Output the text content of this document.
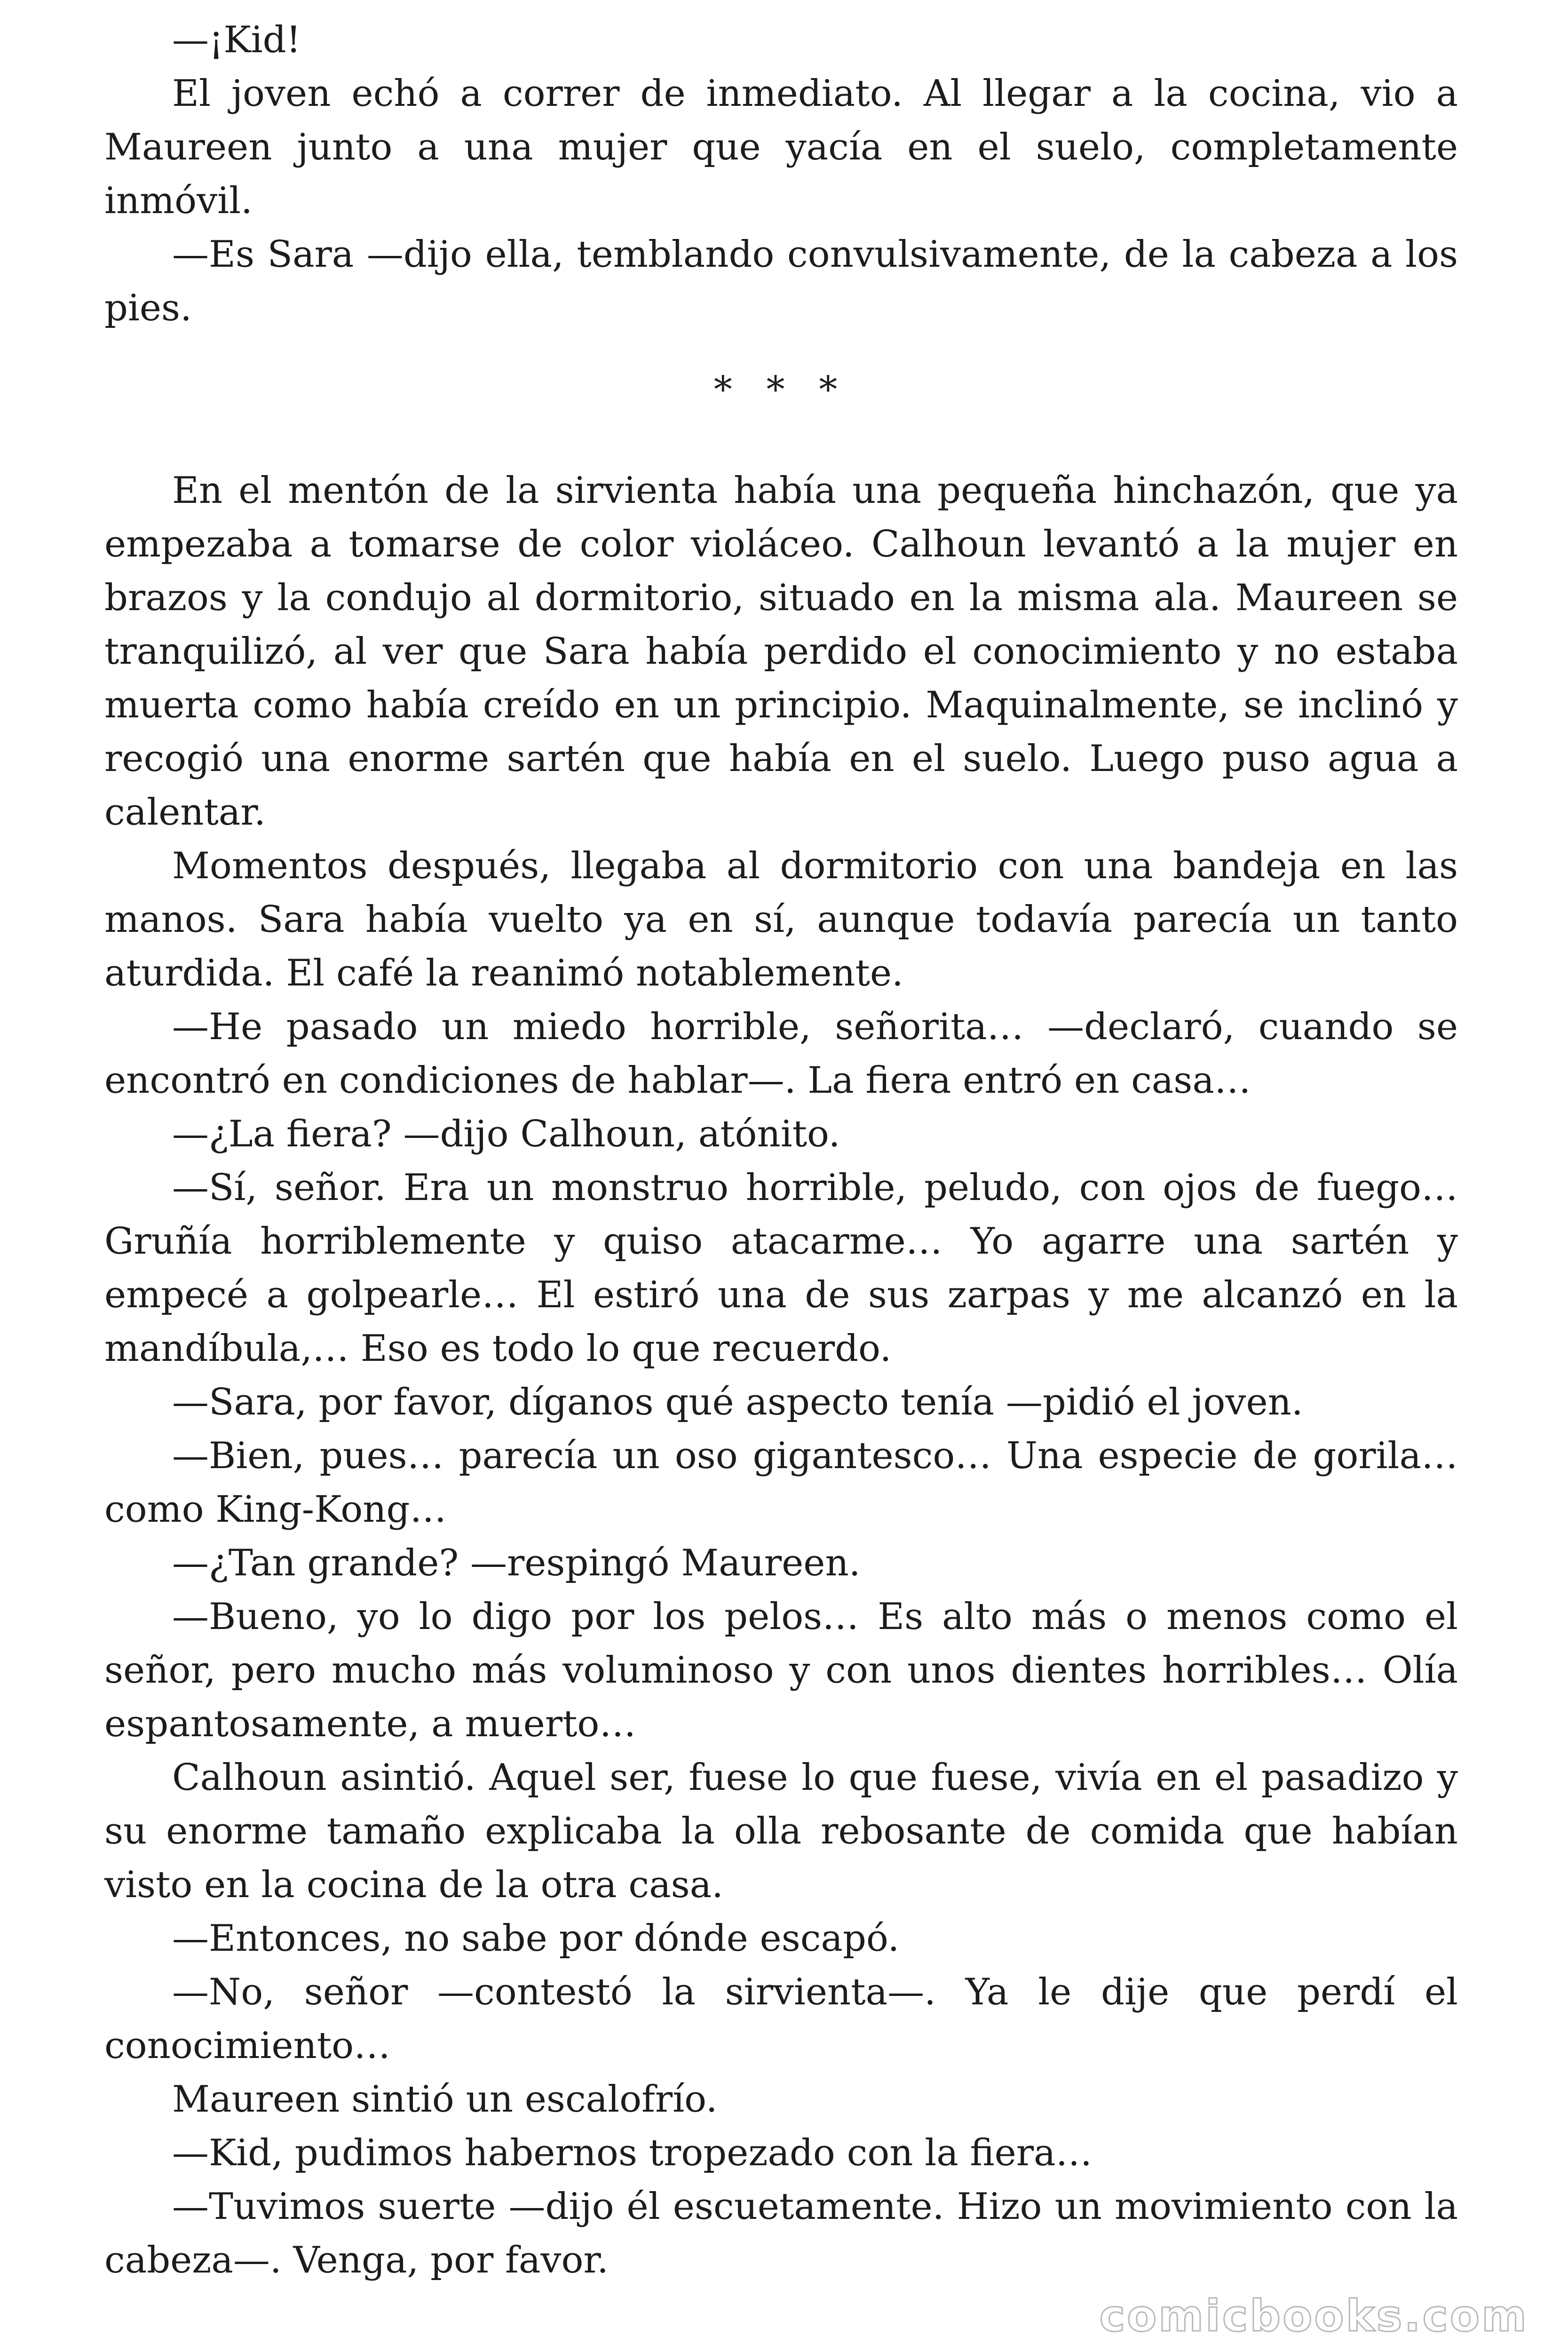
—¡Kid!

El joven echó a correr de inmediato. Al llegar a la cocina, vio a Maureen junto a una mujer que yacía en el suelo, completamente inmóvil.

—Es Sara —dijo ella, temblando convulsivamente, de la cabeza a los pies.

* * *

En el mentón de la sirvienta había una pequeña hinchazón, que ya empezaba a tomarse de color violáceo. Calhoun levantó a la mujer en brazos y la condujo al dormitorio, situado en la misma ala. Maureen se tranquilizó, al ver que Sara había perdido el conocimiento y no estaba muerta como había creído en un principio. Maquinalmente, se inclinó y recogió una enorme sartén que había en el suelo. Luego puso agua a calentar.

Momentos después, llegaba al dormitorio con una bandeja en las manos. Sara había vuelto ya en sí, aunque todavía parecía un tanto aturdida. El café la reanimó notablemente.

—He pasado un miedo horrible, señorita… —declaró, cuando se encontró en condiciones de hablar—. La fiera entró en casa…

—¿La fiera? —dijo Calhoun, atónito.

—Sí, señor. Era un monstruo horrible, peludo, con ojos de fuego… Gruñía horriblemente y quiso atacarme… Yo agarre una sartén y empecé a golpearle… El estiró una de sus zarpas y me alcanzó en la mandíbula,… Eso es todo lo que recuerdo.

—Sara, por favor, díganos qué aspecto tenía —pidió el joven.

—Bien, pues… parecía un oso gigantesco… Una especie de gorila… como King-Kong…

—¿Tan grande? —respingó Maureen.

—Bueno, yo lo digo por los pelos… Es alto más o menos como el señor, pero mucho más voluminoso y con unos dientes horribles… Olía espantosamente, a muerto…

Calhoun asintió. Aquel ser, fuese lo que fuese, vivía en el pasadizo y su enorme tamaño explicaba la olla rebosante de comida que habían visto en la cocina de la otra casa.

—Entonces, no sabe por dónde escapó.

—No, señor —contestó la sirvienta—. Ya le dije que perdí el conocimiento…

Maureen sintió un escalofrío.

—Kid, pudimos habernos tropezado con la fiera…

—Tuvimos suerte —dijo él escuetamente. Hizo un movimiento con la cabeza—. Venga, por favor.

comicbooks.com
